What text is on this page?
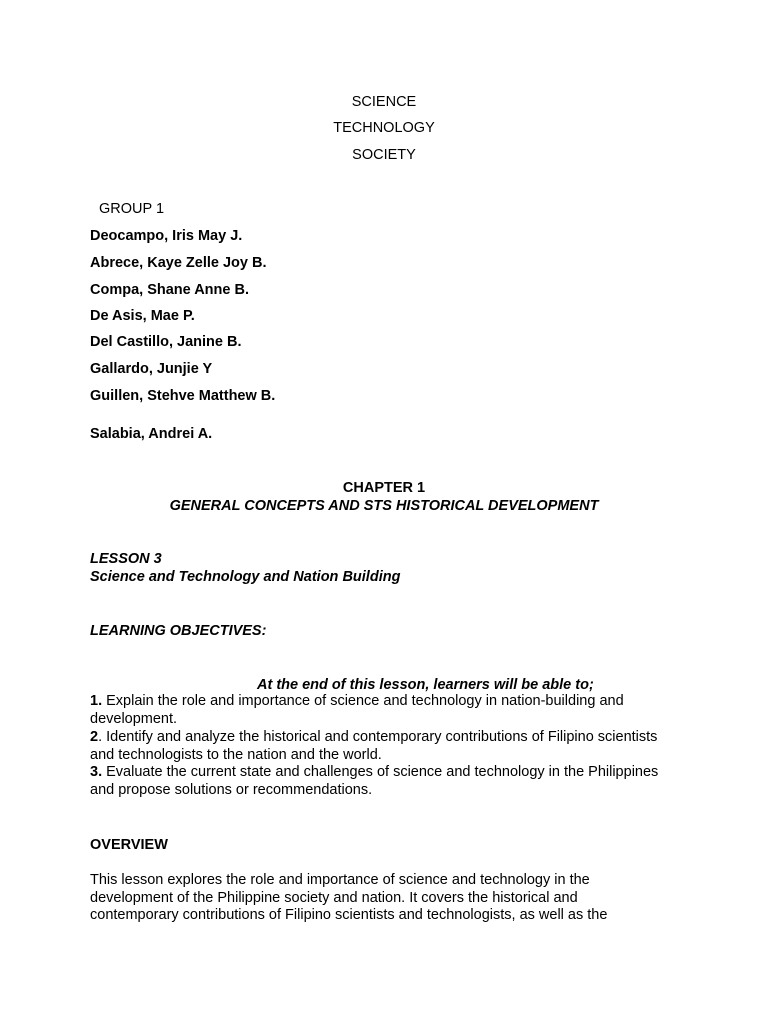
SCIENCE
TECHNOLOGY
SOCIETY
GROUP 1
Deocampo, Iris May J.
Abrece, Kaye Zelle Joy B.
Compa, Shane Anne B.
De Asis, Mae P.
Del Castillo, Janine B.
Gallardo, Junjie Y
Guillen, Stehve Matthew B.
Salabia, Andrei A.
CHAPTER 1
GENERAL CONCEPTS AND STS HISTORICAL DEVELOPMENT
LESSON 3
Science and Technology and Nation Building
LEARNING OBJECTIVES:
At the end of this lesson, learners will be able to;
1. Explain the role and importance of science and technology in nation-building and development.
2. Identify and analyze the historical and contemporary contributions of Filipino scientists and technologists to the nation and the world.
3. Evaluate the current state and challenges of science and technology in the Philippines and propose solutions or recommendations.
OVERVIEW
This lesson explores the role and importance of science and technology in the development of the Philippine society and nation. It covers the historical and contemporary contributions of Filipino scientists and technologists, as well as the
